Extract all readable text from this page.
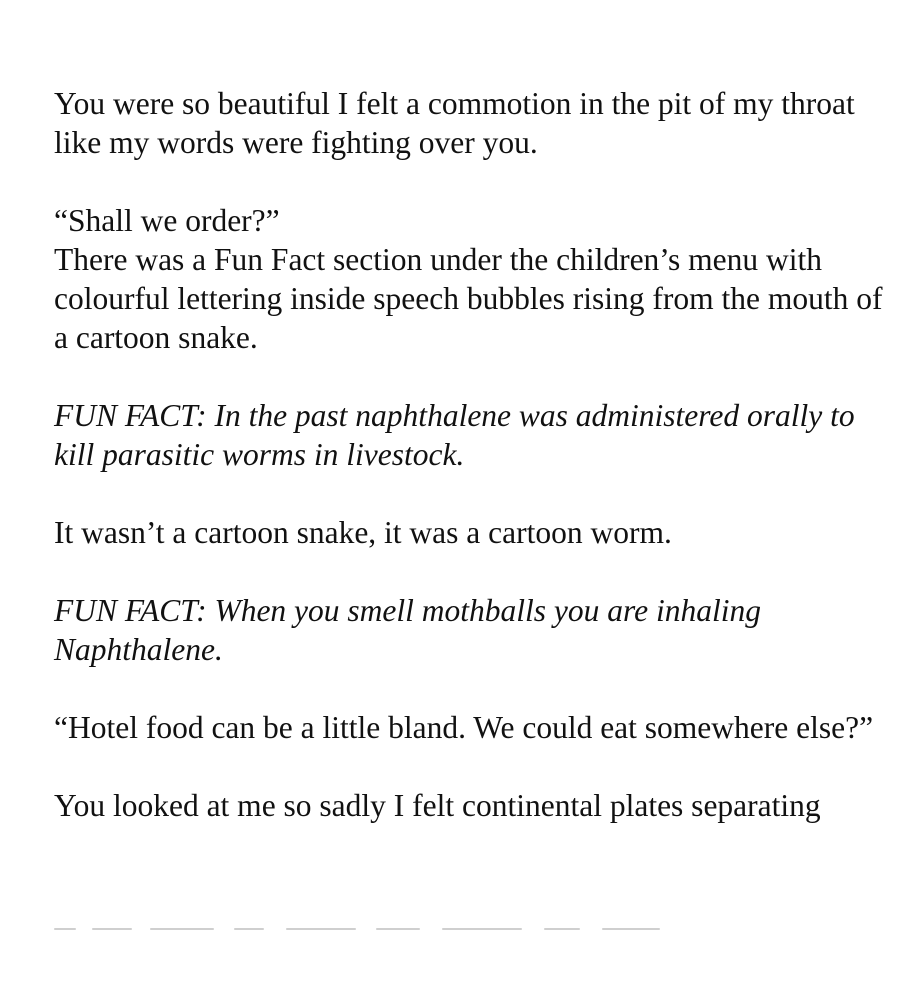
You were so beautiful I felt a commotion in the pit of my throat like my words were fighting over you.

“Shall we order?”

There was a Fun Fact section under the children’s menu with colourful lettering inside speech bubbles rising from the mouth of a cartoon snake.

FUN FACT: In the past naphthalene was administered orally to kill parasitic worms in livestock.

It wasn’t a cartoon snake, it was a cartoon worm.

FUN FACT: When you smell mothballs you are inhaling Naphthalene.

“Hotel food can be a little bland. We could eat somewhere else?”

You looked at me so sadly I felt continental plates separating
